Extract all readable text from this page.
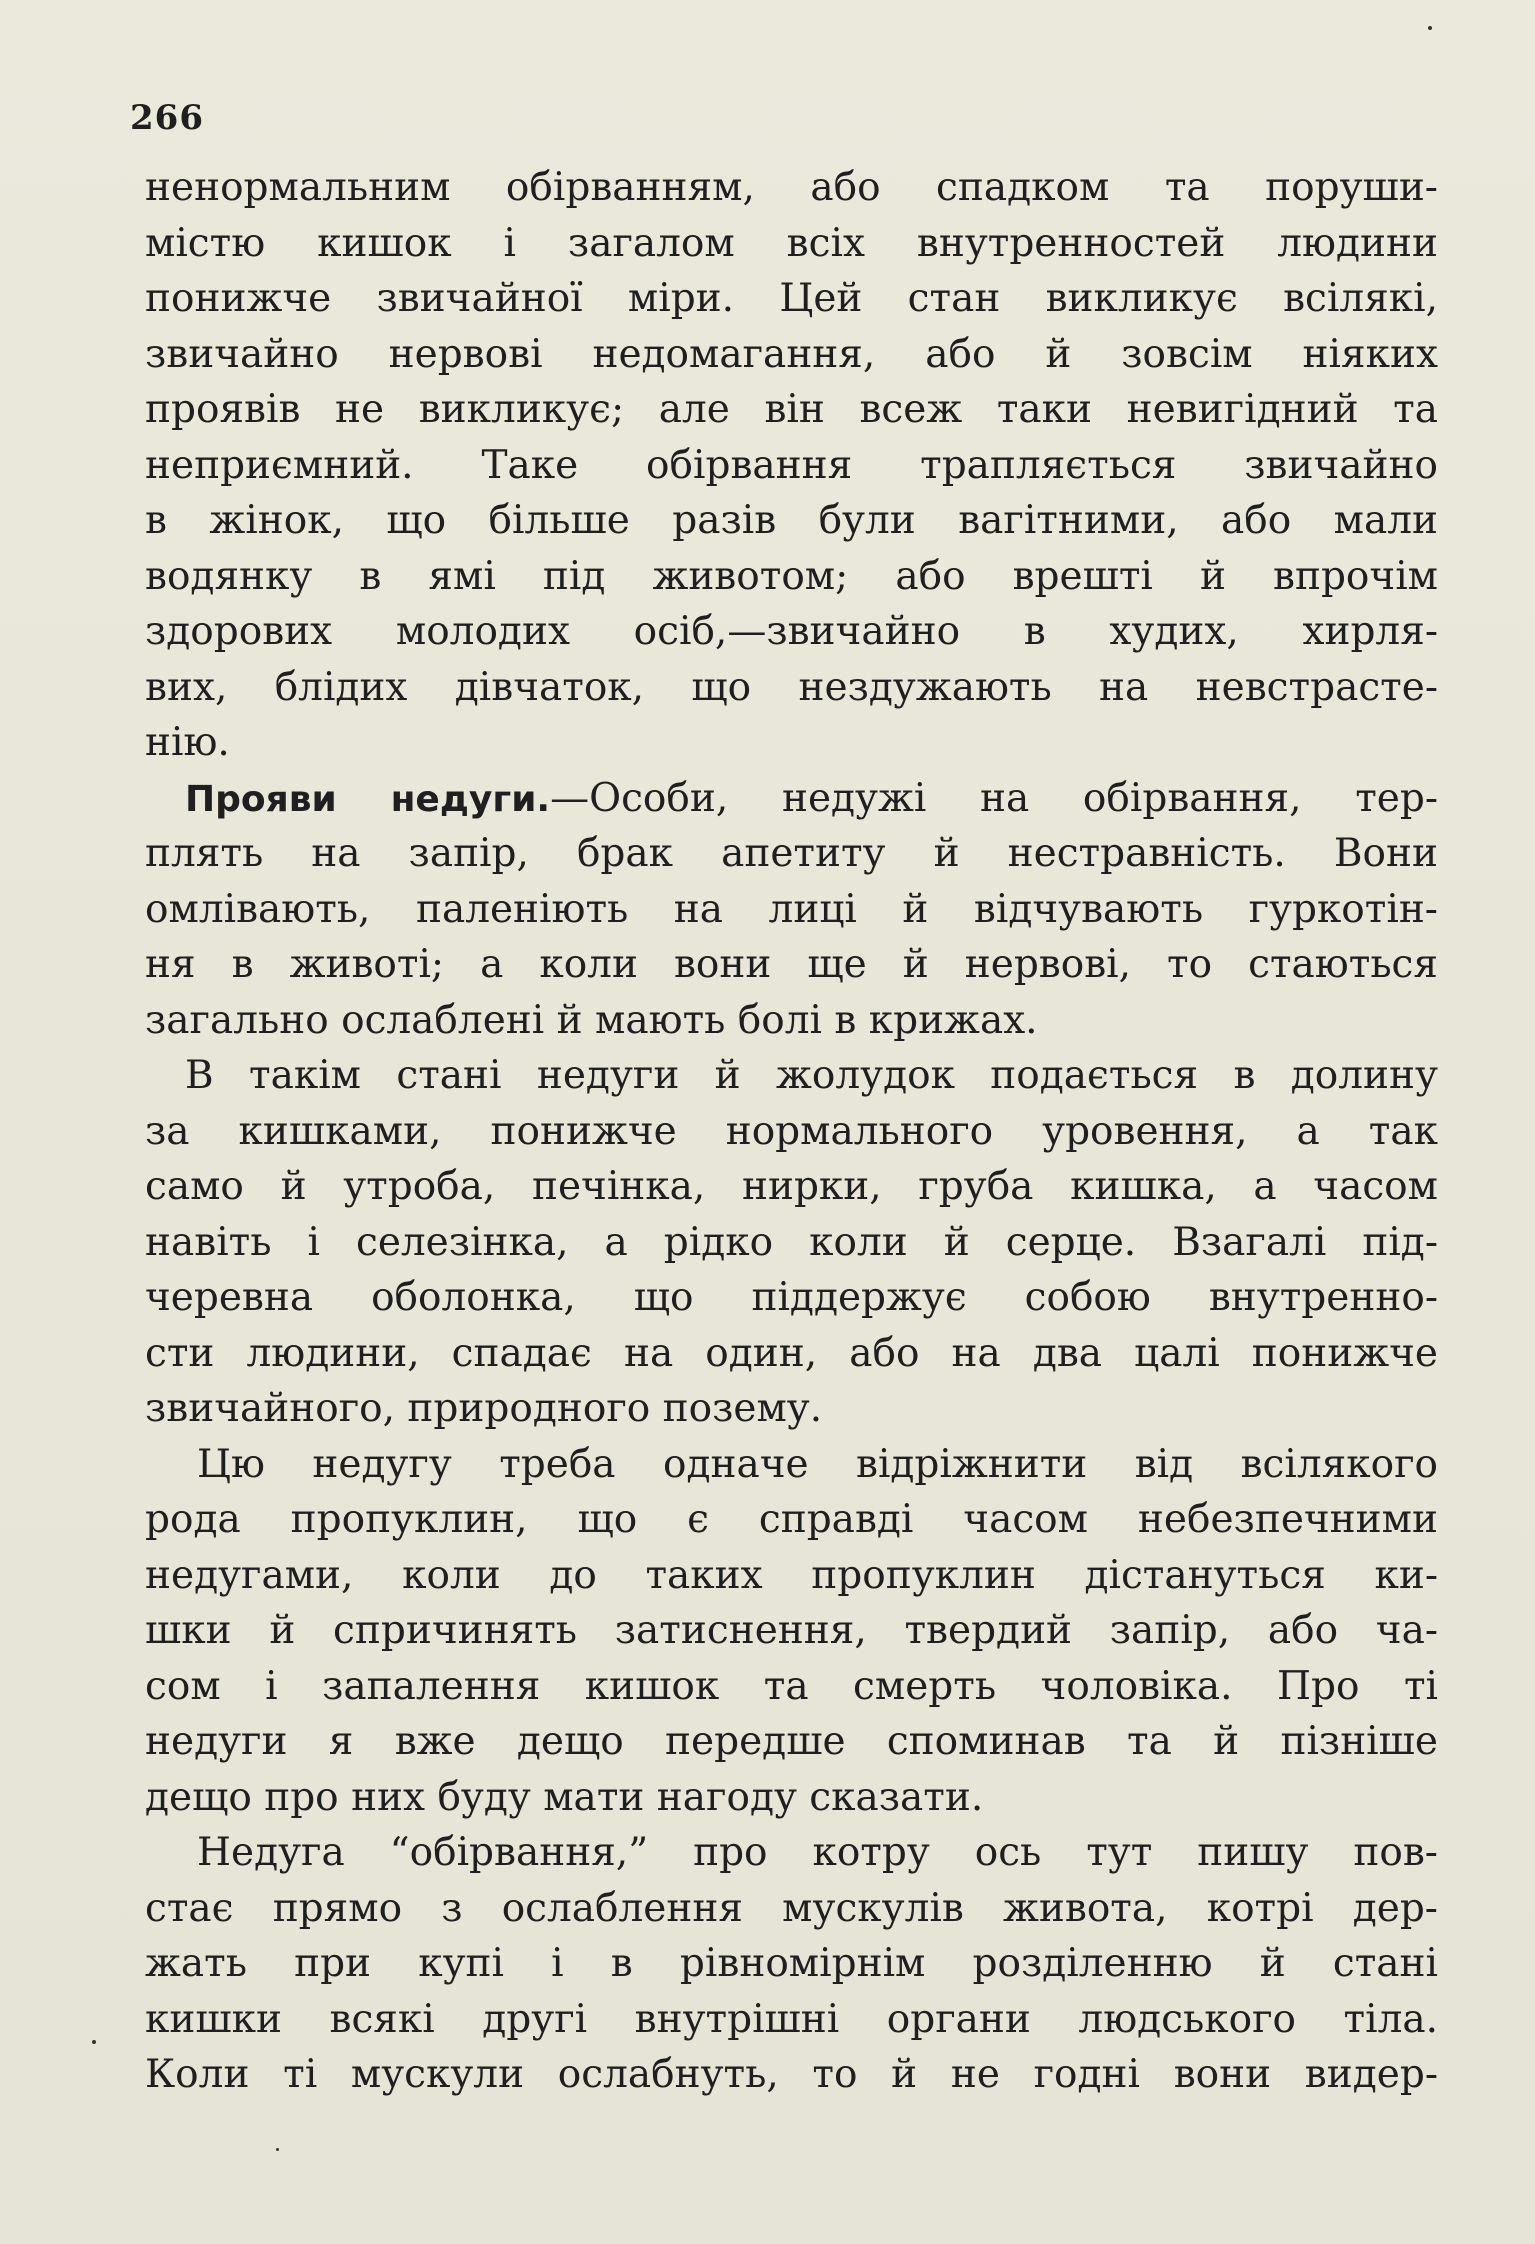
266
ненормальним обірванням, або спадком та поруши-
містю кишок і загалом всіх внутренностей людини
понижче звичайної міри. Цей стан викликує всілякі,
звичайно нервові недомагання, або й зовсім ніяких
проявів не викликує; але він всеж таки невигідний та
неприємний. Таке обірвання трапляється звичайно
в жінок, що більше разів були вагітними, або мали
водянку в ямі під животом; або врешті й впрочім
здорових молодих осіб,—звичайно в худих, хирля-
вих, блідих дівчаток, що нездужають на невстрасте-
нію.
Прояви недуги.—Особи, недужі на обірвання, тер-
плять на запір, брак апетиту й нестравність. Вони
омлівають, паленіють на лиці й відчувають гуркотін-
ня в животі; а коли вони ще й нервові, то стаються
загально ослаблені й мають болі в крижах.
В такім стані недуги й жолудок подається в долину
за кишками, понижче нормального уровення, а так
само й утроба, печінка, нирки, груба кишка, а часом
навіть і селезінка, а рідко коли й серце. Взагалі під-
черевна оболонка, що піддержує собою внутренно-
сти людини, спадає на один, або на два цалі понижче
звичайного, природного позему.
Цю недугу треба одначе відріжнити від всілякого
рода пропуклин, що є справді часом небезпечними
недугами, коли до таких пропуклин дістануться ки-
шки й спричинять затиснення, твердий запір, або ча-
сом і запалення кишок та смерть чоловіка. Про ті
недуги я вже дещо передше споминав та й пізніше
дещо про них буду мати нагоду сказати.
Недуга “обірвання,” про котру ось тут пишу пов-
стає прямо з ослаблення мускулів живота, котрі дер-
жать при купі і в рівномірнім розділенню й стані
кишки всякі другі внутрішні органи людського тіла.
Коли ті мускули ослабнуть, то й не годні вони видер-
